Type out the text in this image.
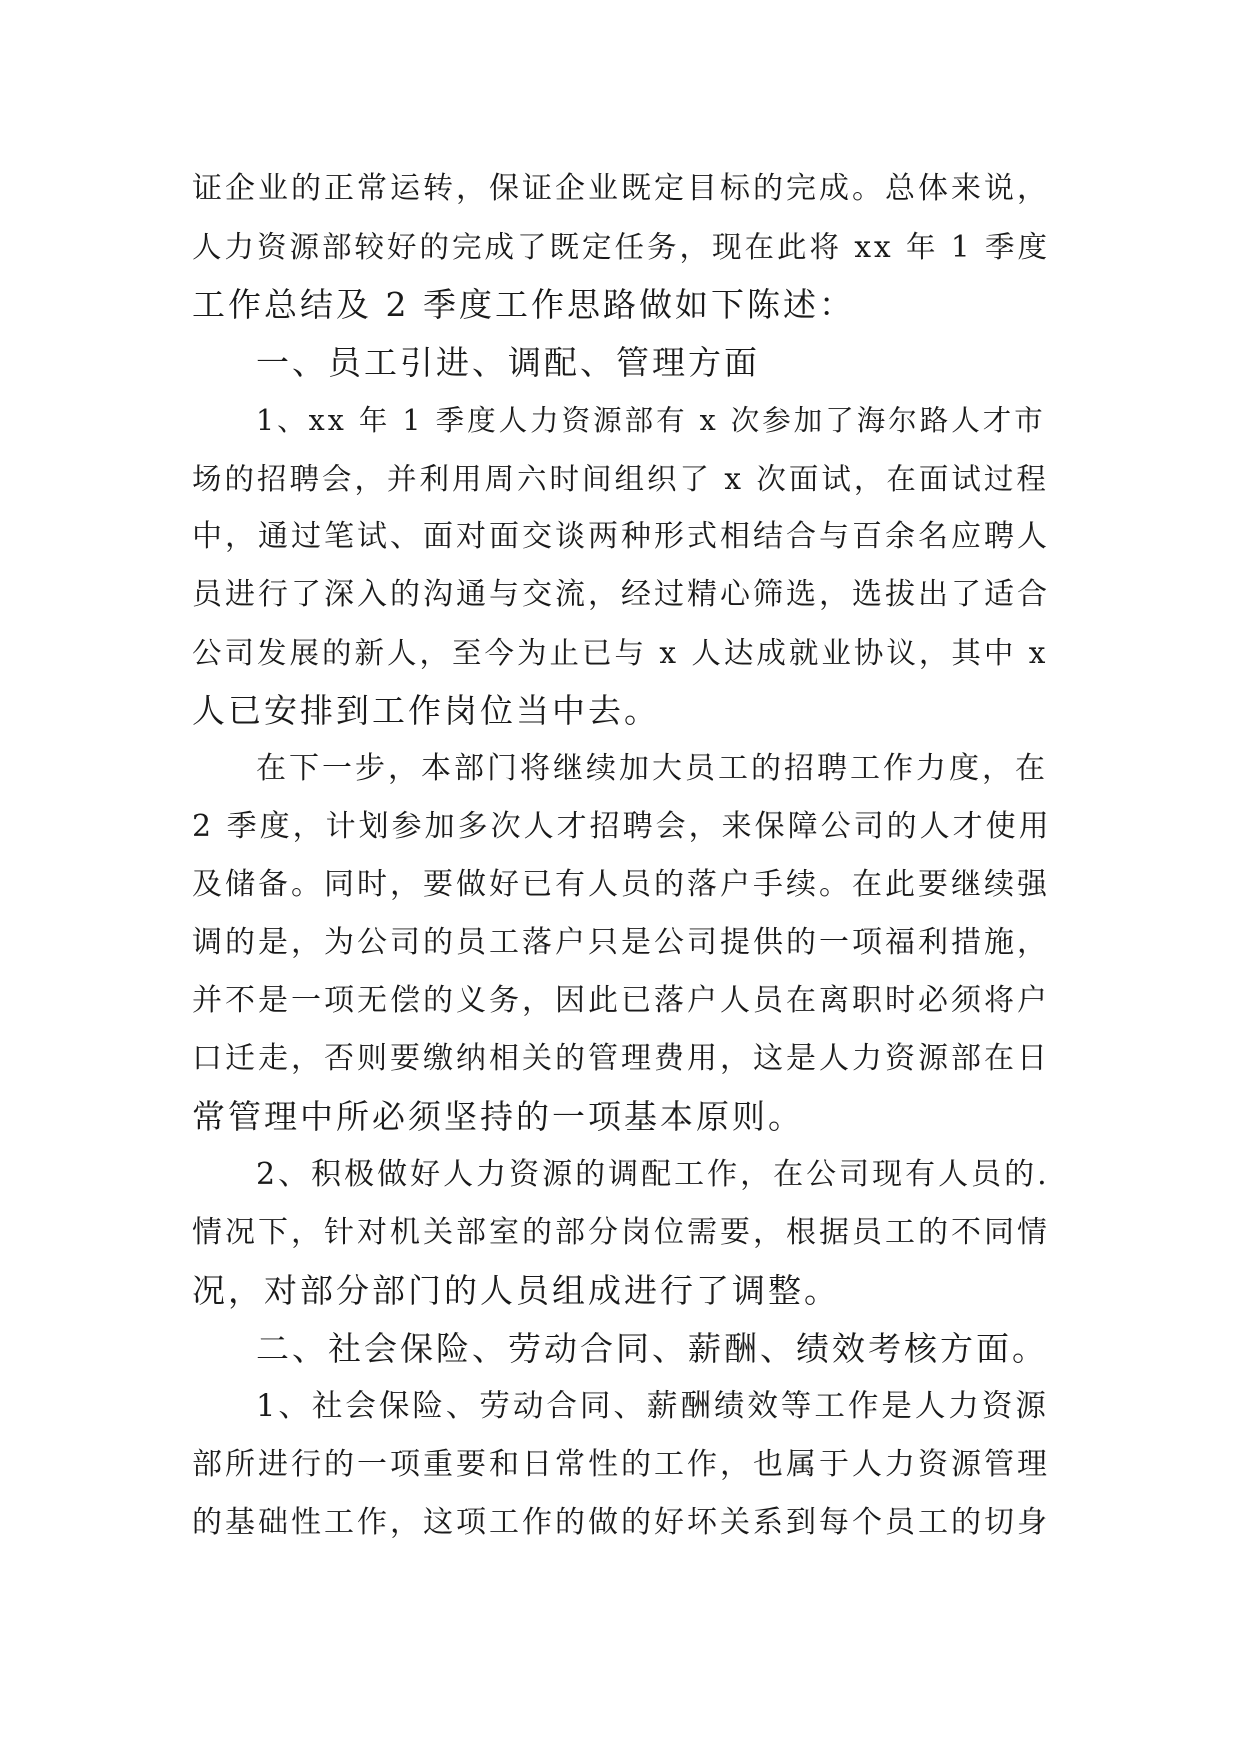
证企业的正常运转，保证企业既定目标的完成。总体来说，
人力资源部较好的完成了既定任务，现在此将 xx 年 1 季度
工作总结及 2 季度工作思路做如下陈述：
一、员工引进、调配、管理方面
1、xx 年 1 季度人力资源部有 x 次参加了海尔路人才市
场的招聘会，并利用周六时间组织了 x 次面试，在面试过程
中，通过笔试、面对面交谈两种形式相结合与百余名应聘人
员进行了深入的沟通与交流，经过精心筛选，选拔出了适合
公司发展的新人，至今为止已与 x 人达成就业协议，其中 x
人已安排到工作岗位当中去。
在下一步，本部门将继续加大员工的招聘工作力度，在
2 季度，计划参加多次人才招聘会，来保障公司的人才使用
及储备。同时，要做好已有人员的落户手续。在此要继续强
调的是，为公司的员工落户只是公司提供的一项福利措施，
并不是一项无偿的义务，因此已落户人员在离职时必须将户
口迁走，否则要缴纳相关的管理费用，这是人力资源部在日
常管理中所必须坚持的一项基本原则。
2、积极做好人力资源的调配工作，在公司现有人员的.
情况下，针对机关部室的部分岗位需要，根据员工的不同情
况，对部分部门的人员组成进行了调整。
二、社会保险、劳动合同、薪酬、绩效考核方面。
1、社会保险、劳动合同、薪酬绩效等工作是人力资源
部所进行的一项重要和日常性的工作，也属于人力资源管理
的基础性工作，这项工作的做的好坏关系到每个员工的切身
